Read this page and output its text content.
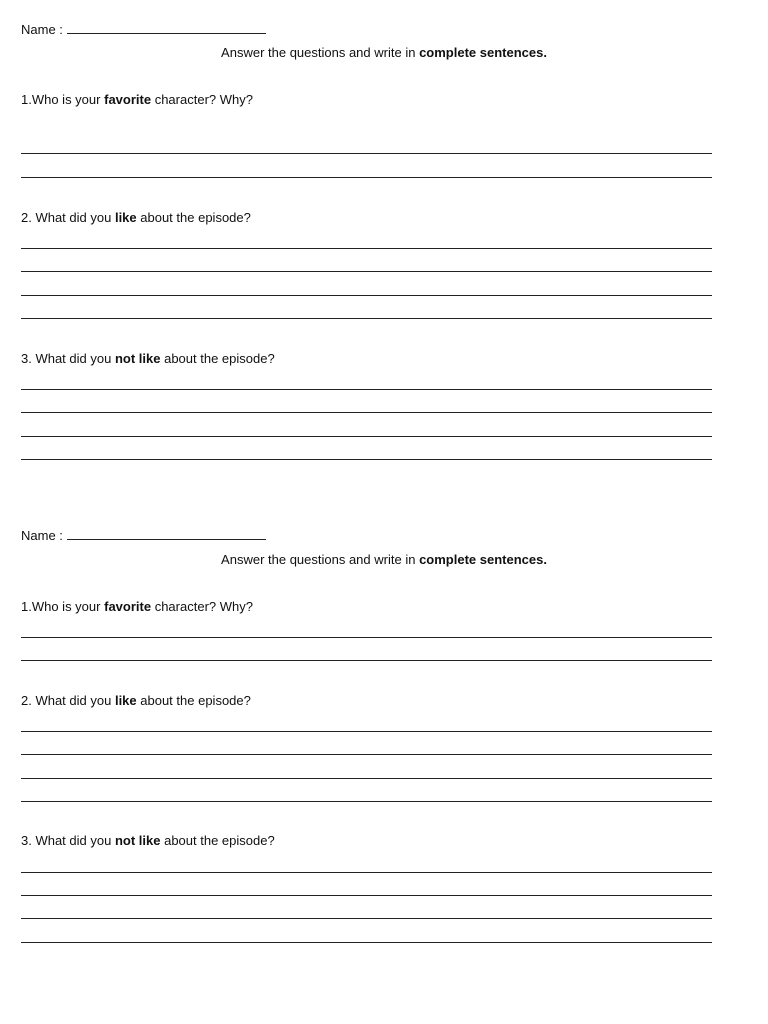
Name :
Answer the questions and write in complete sentences.
1.Who is your favorite character? Why?
2. What did you like about the episode?
3. What did you not like about the episode?
Name :
Answer the questions and write in complete sentences.
1.Who is your favorite character? Why?
2. What did you like about the episode?
3. What did you not like about the episode?
